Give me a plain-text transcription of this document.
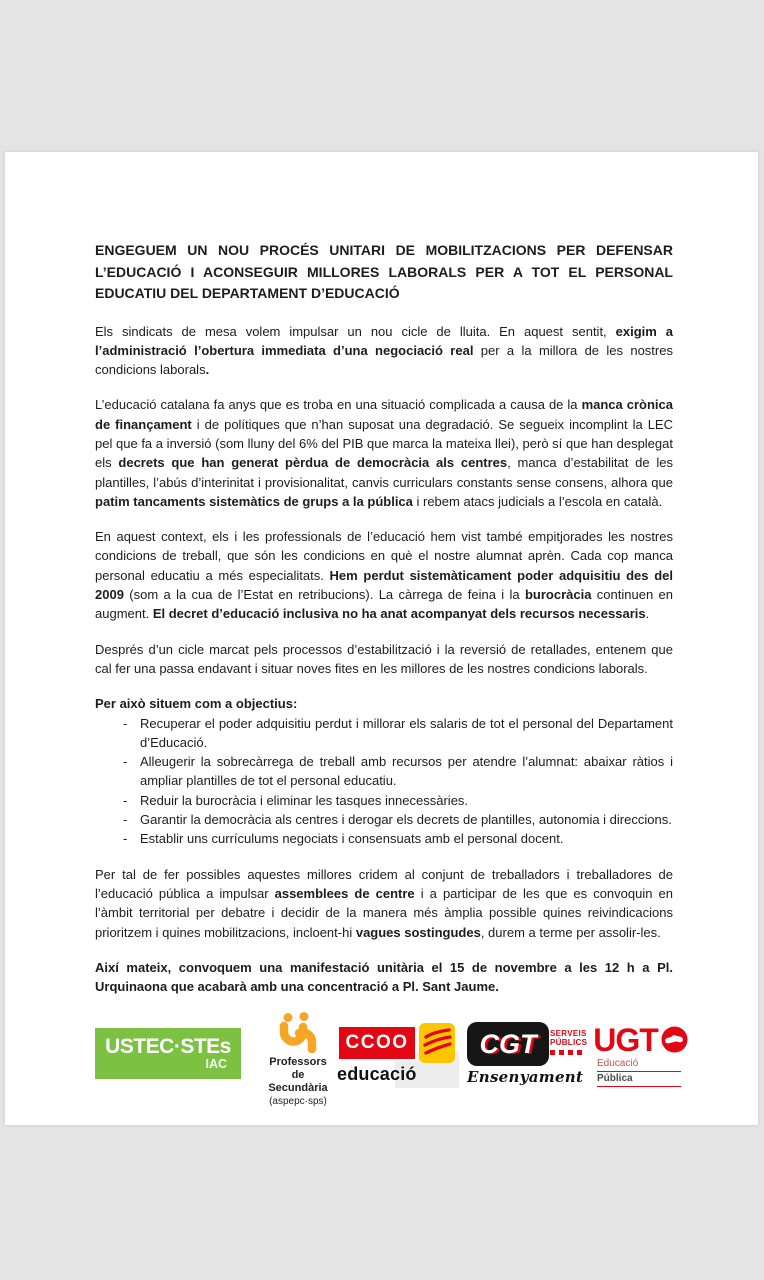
ENGEGUEM UN NOU PROCÉS UNITARI DE MOBILITZACIONS PER DEFENSAR L’EDUCACIÓ I ACONSEGUIR MILLORES LABORALS PER A TOT EL PERSONAL EDUCATIU DEL DEPARTAMENT D’EDUCACIÓ

Els sindicats de mesa volem impulsar un nou cicle de lluita. En aquest sentit, exigim a l’administració l’obertura immediata d’una negociació real per a la millora de les nostres condicions laborals.

L’educació catalana fa anys que es troba en una situació complicada a causa de la manca crònica de finançament i de polítiques que n’han suposat una degradació. Se segueix incomplint la LEC pel que fa a inversió (som lluny del 6% del PIB que marca la mateixa llei), però sí que han desplegat els decrets que han generat pèrdua de democràcia als centres, manca d’estabilitat de les plantilles, l’abús d’interinitat i provisionalitat, canvis curriculars constants sense consens, alhora que patim tancaments sistemàtics de grups a la pública i rebem atacs judicials a l’escola en català.

En aquest context, els i les professionals de l’educació hem vist també empitjorades les nostres condicions de treball, que són les condicions en què el nostre alumnat aprèn. Cada cop manca personal educatiu a més especialitats. Hem perdut sistemàticament poder adquisitiu des del 2009 (som a la cua de l’Estat en retribucions). La càrrega de feina i la burocràcia continuen en augment. El decret d’educació inclusiva no ha anat acompanyat dels recursos necessaris.

Després d’un cicle marcat pels processos d’estabilització i la reversió de retallades, entenem que cal fer una passa endavant i situar noves fites en les millores de les nostres condicions laborals.

Per això situem com a objectius:

- Recuperar el poder adquisitiu perdut i millorar els salaris de tot el personal del Departament d’Educació.
- Alleugerir la sobrecàrrega de treball amb recursos per atendre l’alumnat: abaixar ràtios i ampliar plantilles de tot el personal educatiu.
- Reduir la burocràcia i eliminar les tasques innecessàries.
- Garantir la democràcia als centres i derogar els decrets de plantilles, autonomia i direccions.
- Establir uns currículums negociats i consensuats amb el personal docent.

Per tal de fer possibles aquestes millores cridem al conjunt de treballadors i treballadores de l’educació pública a impulsar assemblees de centre i a participar de les que es convoquin en l’àmbit territorial per debatre i decidir de la manera més àmplia possible quines reivindicacions prioritzem i quines mobilitzacions, incloent-hi vagues sostingudes, durem a terme per assolir-les.

Així mateix, convoquem una manifestació unitària el 15 de novembre a les 12 h a Pl. Urquinaona que acabarà amb una concentració a Pl. Sant Jaume.

USTEC·STEs
IAC	Professors
de Secundària
(aspepc·sps)
CCOO
educació
CGT
Ensenyament
SERVEIS
PÚBLICS UGT
Educació
Pública
